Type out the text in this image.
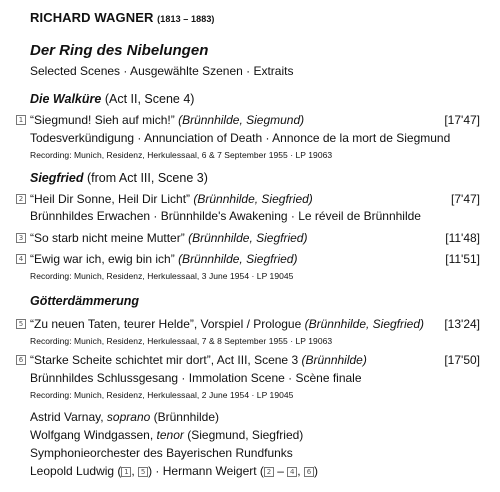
RICHARD WAGNER (1813 – 1883)
Der Ring des Nibelungen
Selected Scenes · Ausgewählte Szenen · Extraits
Die Walküre (Act II, Scene 4)
1 “Siegmund! Sieh auf mich!” (Brünnhilde, Siegmund)	[17'47]
Todesverkündigung · Annunciation of Death · Annonce de la mort de Siegmund
Recording: Munich, Residenz, Herkulessaal, 6 & 7 September 1955 · LP 19063
Siegfried (from Act III, Scene 3)
2 “Heil Dir Sonne, Heil Dir Licht” (Brünnhilde, Siegfried)	[7'47]
Brünnhildes Erwachen · Brünnhilde's Awakening · Le réveil de Brünnhilde
3 “So starb nicht meine Mutter” (Brünnhilde, Siegfried)	[11'48]
4 “Ewig war ich, ewig bin ich” (Brünnhilde, Siegfried)	[11'51]
Recording: Munich, Residenz, Herkulessaal, 3 June 1954 · LP 19045
Götterdämmerung
5 “Zu neuen Taten, teurer Helde”, Vorspiel / Prologue (Brünnhilde, Siegfried) [13'24]
Recording: Munich, Residenz, Herkulessaal, 7 & 8 September 1955 · LP 19063
6 “Starke Scheite schichtet mir dort”, Act III, Scene 3 (Brünnhilde)	[17'50]
Brünnhildes Schlussgesang · Immolation Scene · Scène finale
Recording: Munich, Residenz, Herkulessaal, 2 June 1954 · LP 19045
Astrid Varnay, soprano (Brünnhilde)
Wolfgang Windgassen, tenor (Siegmund, Siegfried)
Symphonieorchester des Bayerischen Rundfunks
Leopold Ludwig ( 1 , 5 ) · Hermann Weigert ( 2 – 4 , 6 )
